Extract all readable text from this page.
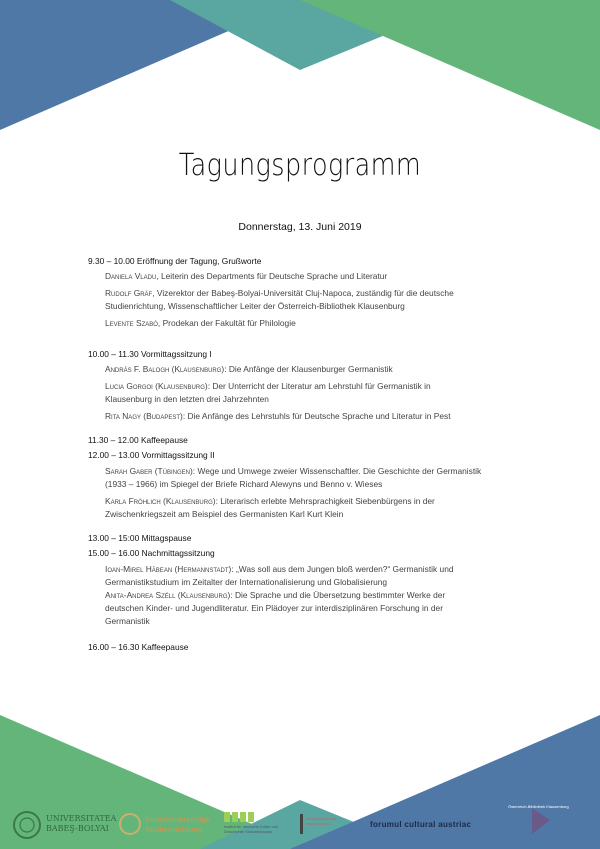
Tagungsprogramm
Donnerstag, 13. Juni 2019
9.30 – 10.00 Eröffnung der Tagung, Grußworte
Daniela Vladu, Leiterin des Departments für Deutsche Sprache und Literatur
Rudolf Gräf, Vizerektor der Babeş-Bolyai-Universität Cluj-Napoca, zuständig für die deutsche
Studienrichtung, Wissenschaftlicher Leiter der Österreich-Bibliothek Klausenburg
Levente Szabó, Prodekan der Fakultät für Philologie
10.00 – 11.30 Vormittagssitzung I
András F. Balogh (Klausenburg): Die Anfänge der Klausenburger Germanistik
Lucia Gorgoi (Klausenburg): Der Unterricht der Literatur am Lehrstuhl für Germanistik in
Klausenburg in den letzten drei Jahrzehnten
Rita Nagy (Budapest): Die Anfänge des Lehrstuhls für Deutsche Sprache und Literatur in Pest
11.30 – 12.00 Kaffeepause
12.00 – 13.00 Vormittagssitzung II
Sarah Gaber (Tübingen): Wege und Umwege zweier Wissenschaftler. Die Geschichte der Germanistik
(1933 – 1966) im Spiegel der Briefe Richard Alewyns und Benno v. Wieses
Karla Fröhlich (Klausenburg): Literarisch erlebte Mehrsprachigkeit Siebenbürgens in der
Zwischenkriegszeit am Beispiel des Germanisten Karl Kurt Klein
13.00 – 15:00 Mittagspause
15.00 – 16.00 Nachmittagssitzung
Ioan-Mirel Hăbean (Hermannstadt): „Was soll aus dem Jungen bloß werden?“ Germanistik und
Germanistikstudium im Zeitalter der Internationalisierung und Globalisierung
Anita-Andrea Széll (Klausenburg): Die Sprache und die Übersetzung bestimmter Werke der
deutschen Kinder- und Jugendliteratur. Ein Plädoyer zur interdisziplinären Forschung in der
Germanistik
16.00 – 16.30 Kaffeepause
UNIVERSITATEA
BABEŞ-BOLYAI
Deutschsprachige
Studienrichtung	Institut für deutsche Kultur und Geschichte Südosteuropas
forumul cultural austriac
Österreich-Bibliothek Klausenburg
